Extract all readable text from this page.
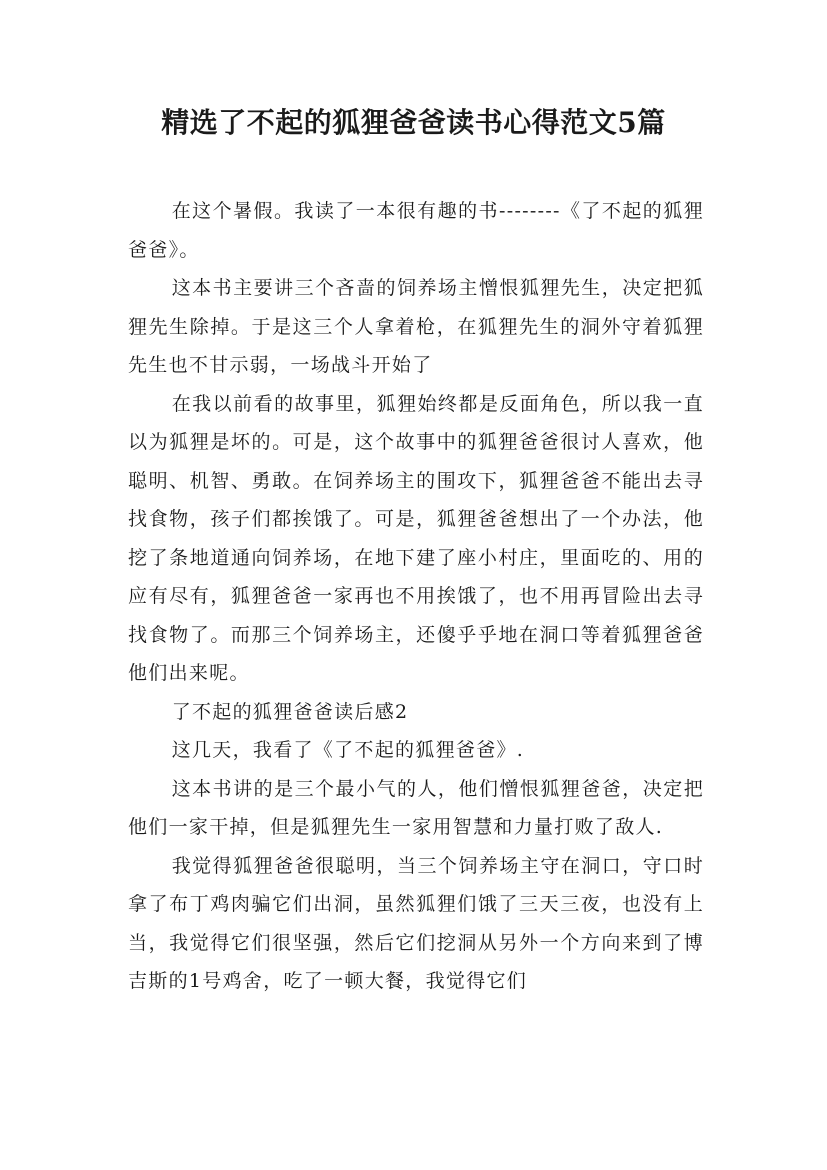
精选了不起的狐狸爸爸读书心得范文5篇

在这个暑假。我读了一本很有趣的书--------《了不起的狐狸爸爸》。

这本书主要讲三个吝啬的饲养场主憎恨狐狸先生，决定把狐狸先生除掉。于是这三个人拿着枪，在狐狸先生的洞外守着狐狸先生也不甘示弱，一场战斗开始了

在我以前看的故事里，狐狸始终都是反面角色，所以我一直以为狐狸是坏的。可是，这个故事中的狐狸爸爸很讨人喜欢，他聪明、机智、勇敢。在饲养场主的围攻下，狐狸爸爸不能出去寻找食物，孩子们都挨饿了。可是，狐狸爸爸想出了一个办法，他挖了条地道通向饲养场，在地下建了座小村庄，里面吃的、用的应有尽有，狐狸爸爸一家再也不用挨饿了，也不用再冒险出去寻找食物了。而那三个饲养场主，还傻乎乎地在洞口等着狐狸爸爸他们出来呢。

了不起的狐狸爸爸读后感2

这几天，我看了《了不起的狐狸爸爸》.

这本书讲的是三个最小气的人，他们憎恨狐狸爸爸，决定把他们一家干掉，但是狐狸先生一家用智慧和力量打败了敌人.

我觉得狐狸爸爸很聪明，当三个饲养场主守在洞口，守口时拿了布丁鸡肉骗它们出洞，虽然狐狸们饿了三天三夜，也没有上当，我觉得它们很坚强，然后它们挖洞从另外一个方向来到了博吉斯的1号鸡舍，吃了一顿大餐，我觉得它们
